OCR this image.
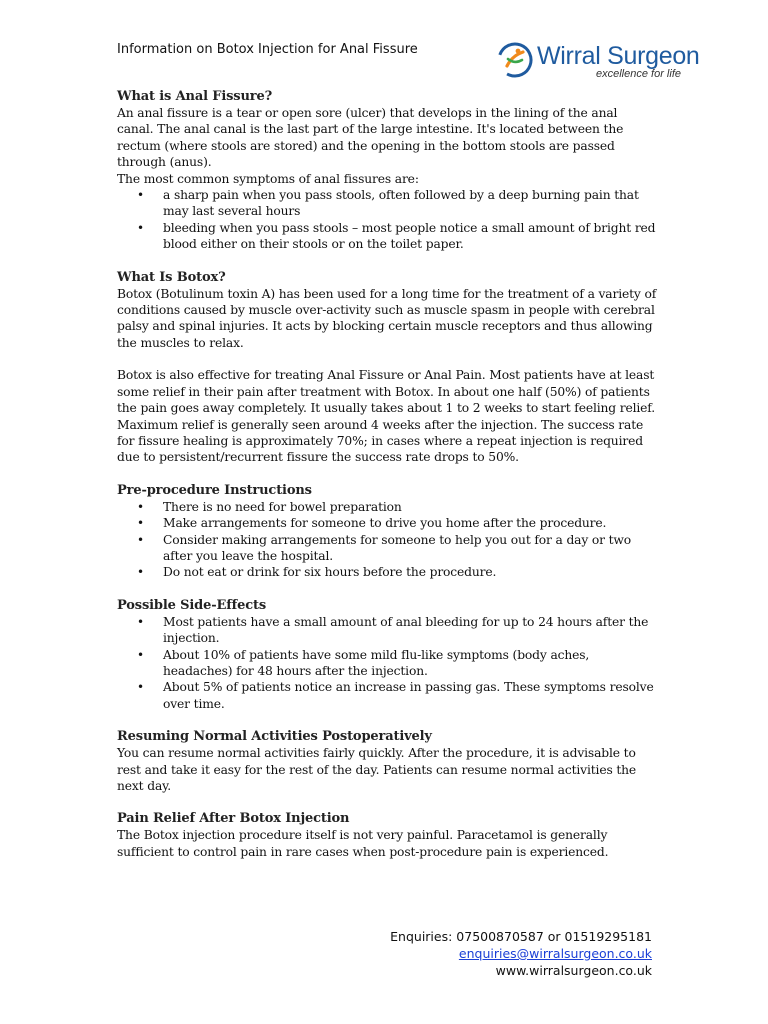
Information on Botox Injection for Anal Fissure	Wirral Surgeon
excellence for life
What is Anal Fissure?

An anal fissure is a tear or open sore (ulcer) that develops in the lining of the anal canal. The anal canal is the last part of the large intestine. It's located between the rectum (where stools are stored) and the opening in the bottom stools are passed through (anus).

The most common symptoms of anal fissures are:

• a sharp pain when you pass stools, often followed by a deep burning pain that may last several hours
• bleeding when you pass stools – most people notice a small amount of bright red blood either on their stools or on the toilet paper.
What Is Botox?

Botox (Botulinum toxin A) has been used for a long time for the treatment of a variety of conditions caused by muscle over-activity such as muscle spasm in people with cerebral palsy and spinal injuries. It acts by blocking certain muscle receptors and thus allowing the muscles to relax.

Botox is also effective for treating Anal Fissure or Anal Pain. Most patients have at least some relief in their pain after treatment with Botox. In about one half (50%) of patients the pain goes away completely. It usually takes about 1 to 2 weeks to start feeling relief. Maximum relief is generally seen around 4 weeks after the injection. The success rate for fissure healing is approximately 70%; in cases where a repeat injection is required due to persistent/recurrent fissure the success rate drops to 50%.

Pre-procedure Instructions
• There is no need for bowel preparation
• Make arrangements for someone to drive you home after the procedure.
• Consider making arrangements for someone to help you out for a day or two after you leave the hospital.
• Do not eat or drink for six hours before the procedure.
Possible Side-Effects
• Most patients have a small amount of anal bleeding for up to 24 hours after the injection.
• About 10% of patients have some mild flu-like symptoms (body aches, headaches) for 48 hours after the injection.
• About 5% of patients notice an increase in passing gas. These symptoms resolve over time.
Resuming Normal Activities Postoperatively

You can resume normal activities fairly quickly. After the procedure, it is advisable to rest and take it easy for the rest of the day. Patients can resume normal activities the next day.

Pain Relief After Botox Injection

The Botox injection procedure itself is not very painful. Paracetamol is generally sufficient to control pain in rare cases when post-procedure pain is experienced.

Enquiries: 07500870587 or 01519295181
enquiries@wirralsurgeon.co.uk
www.wirralsurgeon.co.uk
